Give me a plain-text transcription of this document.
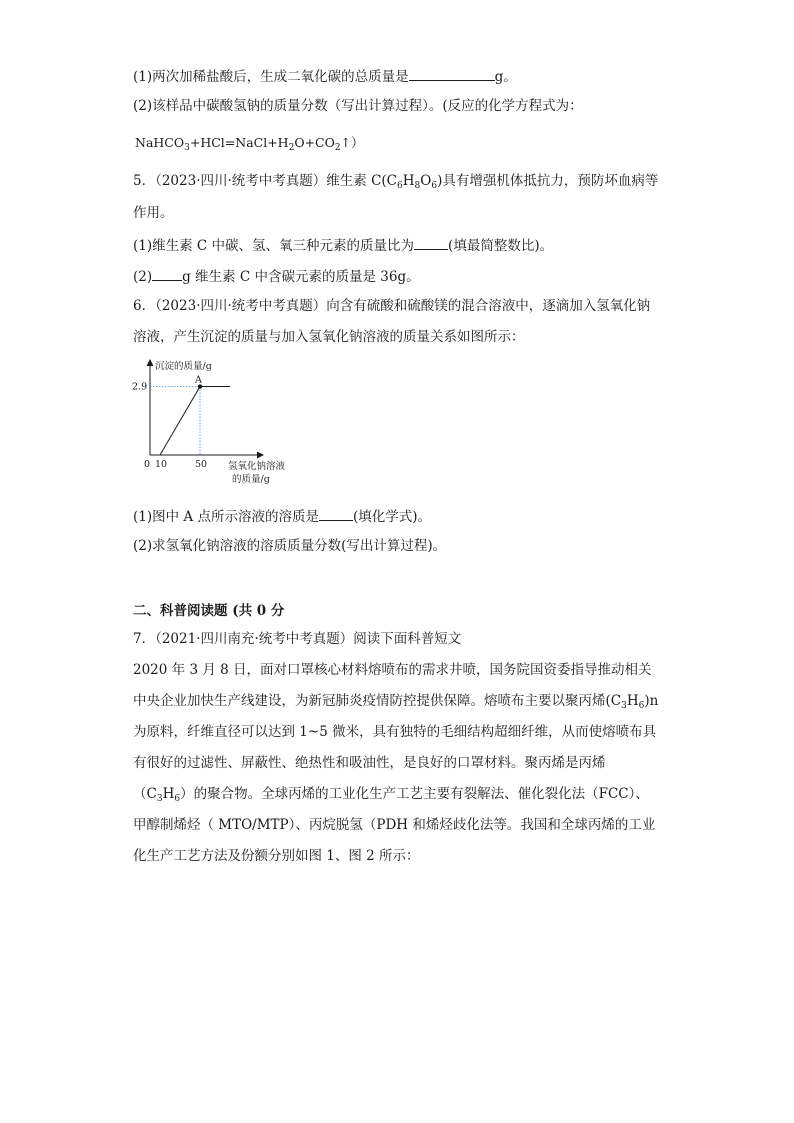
(1)两次加稀盐酸后，生成二氧化碳的总质量是	g。
(2)该样品中碳酸氢钠的质量分数（写出计算过程）。(反应的化学方程式为：
$NaHCO_3+HCl=NaCl+H_2O+CO_2↑$）
5．（2023·四川·统考中考真题）维生素 $C(C_6H_8O_6)$具有增强机体抵抗力，预防坏血病等
作用。
(1)维生素 C 中碳、氢、氧三种元素的质量比为	(填最简整数比)。
(2) g 维生素 C 中含碳元素的质量是 36g。
6．（2023·四川·统考中考真题）向含有硫酸和硫酸镁的混合溶液中，逐滴加入氢氧化钠
溶液，产生沉淀的质量与加入氢氧化钠溶液的质量关系如图所示：
沉淀的质量/g
氢氧化钠溶液
的质量/g
0
A
10	50
2.9
(1)图中 A 点所示溶液的溶质是	(填化学式)。
(2)求氢氧化钠溶液的溶质质量分数(写出计算过程)。
二、科普阅读题 (共 0 分
7．（2021·四川南充·统考中考真题）阅读下面科普短文
2020 年 3 月 8 日，面对口罩核心材料熔喷布的需求井喷，国务院国资委指导推动相关
中央企业加快生产线建设，为新冠肺炎疫情防控提供保障。熔喷布主要以聚丙烯$(C_3H_6)n$
为原料，纤维直径可以达到 1~5 微米，具有独特的毛细结构超细纤维，从而使熔喷布具
有很好的过滤性、屏蔽性、绝热性和吸油性，是良好的口罩材料。聚丙烯是丙烯
$(C_3H_6)$的聚合物。全球丙烯的工业化生产工艺主要有裂解法、催化裂化法（FCC）、
甲醇制烯烃（ MTO/MTP）、丙烷脱氢（PDH 和烯烃歧化法等。我国和全球丙烯的工业
化生产工艺方法及份额分别如图 1、图 2 所示：
